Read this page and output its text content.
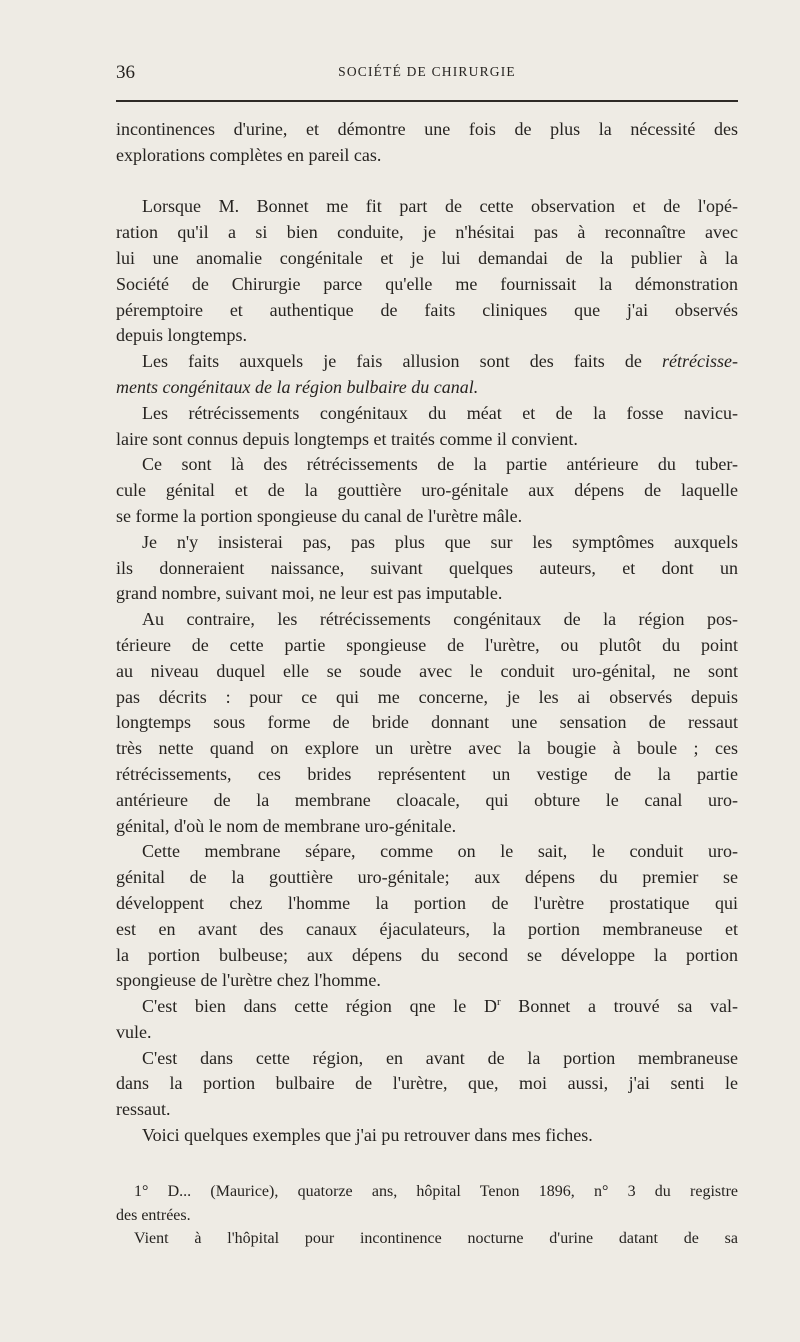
36	SOCIÉTÉ DE CHIRURGIE
incontinences d'urine, et démontre une fois de plus la nécessité des
explorations complètes en pareil cas.
Lorsque M. Bonnet me fit part de cette observation et de l'opé-
ration qu'il a si bien conduite, je n'hésitai pas à reconnaître avec
lui une anomalie congénitale et je lui demandai de la publier à la
Société de Chirurgie parce qu'elle me fournissait la démonstration
péremptoire et authentique de faits cliniques que j'ai observés
depuis longtemps.
Les faits auxquels je fais allusion sont des faits de rétrécisse-
ments congénitaux de la région bulbaire du canal.
Les rétrécissements congénitaux du méat et de la fosse navicu-
laire sont connus depuis longtemps et traités comme il convient.
Ce sont là des rétrécissements de la partie antérieure du tuber-
cule génital et de la gouttière uro-génitale aux dépens de laquelle
se forme la portion spongieuse du canal de l'urètre mâle.
Je n'y insisterai pas, pas plus que sur les symptômes auxquels
ils donneraient naissance, suivant quelques auteurs, et dont un
grand nombre, suivant moi, ne leur est pas imputable.
Au contraire, les rétrécissements congénitaux de la région pos-
térieure de cette partie spongieuse de l'urètre, ou plutôt du point
au niveau duquel elle se soude avec le conduit uro-génital, ne sont
pas décrits : pour ce qui me concerne, je les ai observés depuis
longtemps sous forme de bride donnant une sensation de ressaut
très nette quand on explore un urètre avec la bougie à boule ; ces
rétrécissements, ces brides représentent un vestige de la partie
antérieure de la membrane cloacale, qui obture le canal uro-
génital, d'où le nom de membrane uro-génitale.
Cette membrane sépare, comme on le sait, le conduit uro-
génital de la gouttière uro-génitale; aux dépens du premier se
développent chez l'homme la portion de l'urètre prostatique qui
est en avant des canaux éjaculateurs, la portion membraneuse et
la portion bulbeuse; aux dépens du second se développe la portion
spongieuse de l'urètre chez l'homme.
C'est bien dans cette région qne le $D^r$ Bonnet a trouvé sa val-
vule.
C'est dans cette région, en avant de la portion membraneuse
dans la portion bulbaire de l'urètre, que, moi aussi, j'ai senti le
ressaut.
Voici quelques exemples que j'ai pu retrouver dans mes fiches.
1° D... (Maurice), quatorze ans, hôpital Tenon 1896, n° 3 du registre
des entrées.
Vient à l'hôpital pour incontinence nocturne d'urine datant de sa
